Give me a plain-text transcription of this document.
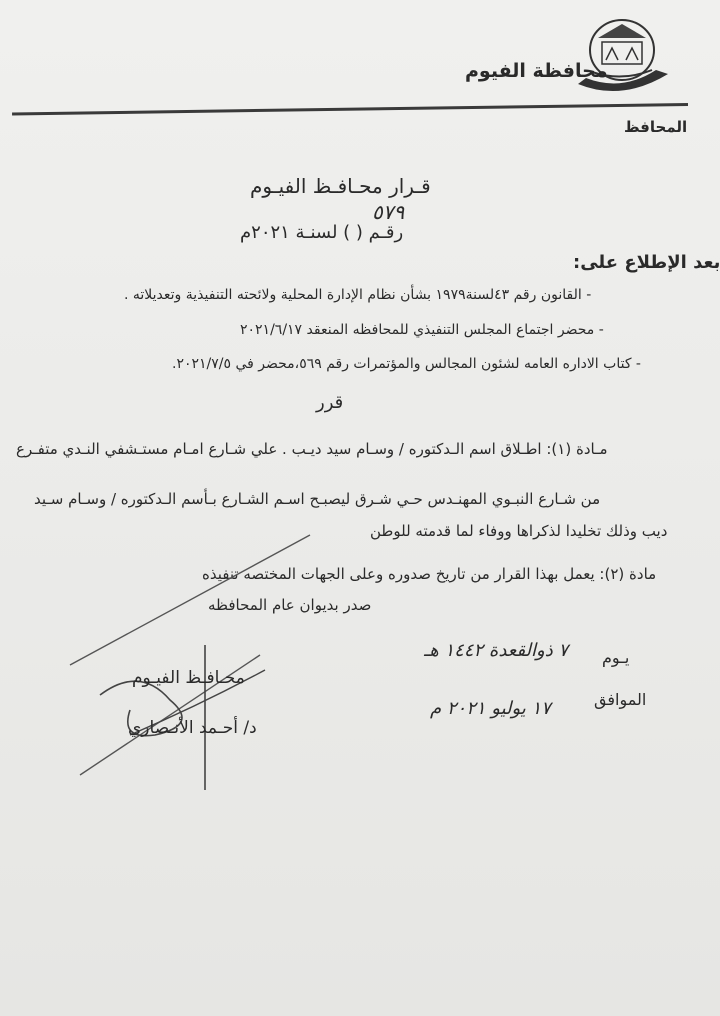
محافظة الفيوم
المحافظ
قـرار محـافـظ الفيـوم
٥٧٩
رقـم ( ) لسنـة ٢٠٢١م
بعد الإطلاع على:
- القانون رقم ٤٣لسنة١٩٧٩ بشأن نظام الإدارة المحلية ولائحته التنفيذية وتعديلاته .
- محضر اجتماع المجلس التنفيذي للمحافظه المنعقد ٢٠٢١/٦/١٧
- كتاب الاداره العامه لشئون المجالس والمؤتمرات رقم ٥٦٩،محضر في ٢٠٢١/٧/٥.
قرر
مـادة (١): اطـلاق اسم الـدكتوره / وسـام سيد ديـب . علي شـارع امـام مستـشفي النـدي متفـرع
من شـارع النبـوي المهنـدس حـي شـرق ليصبـح اسـم الشـارع بـأسم الـدكتوره / وسـام سـيد
ديب وذلك تخليدا لذكراها ووفاء لما قدمته للوطن
مادة (٢): يعمل بهذا القرار من تاريخ صدوره وعلى الجهات المختصه تنفيذه
صدر بديوان عام المحافظه
يـوم
٧ ذوالقعدة ١٤٤٢ هـ
الموافق
١٧ يوليو ٢٠٢١ م
محـافـظ الفيـوم
د/ أحـمد الأنـصاري
